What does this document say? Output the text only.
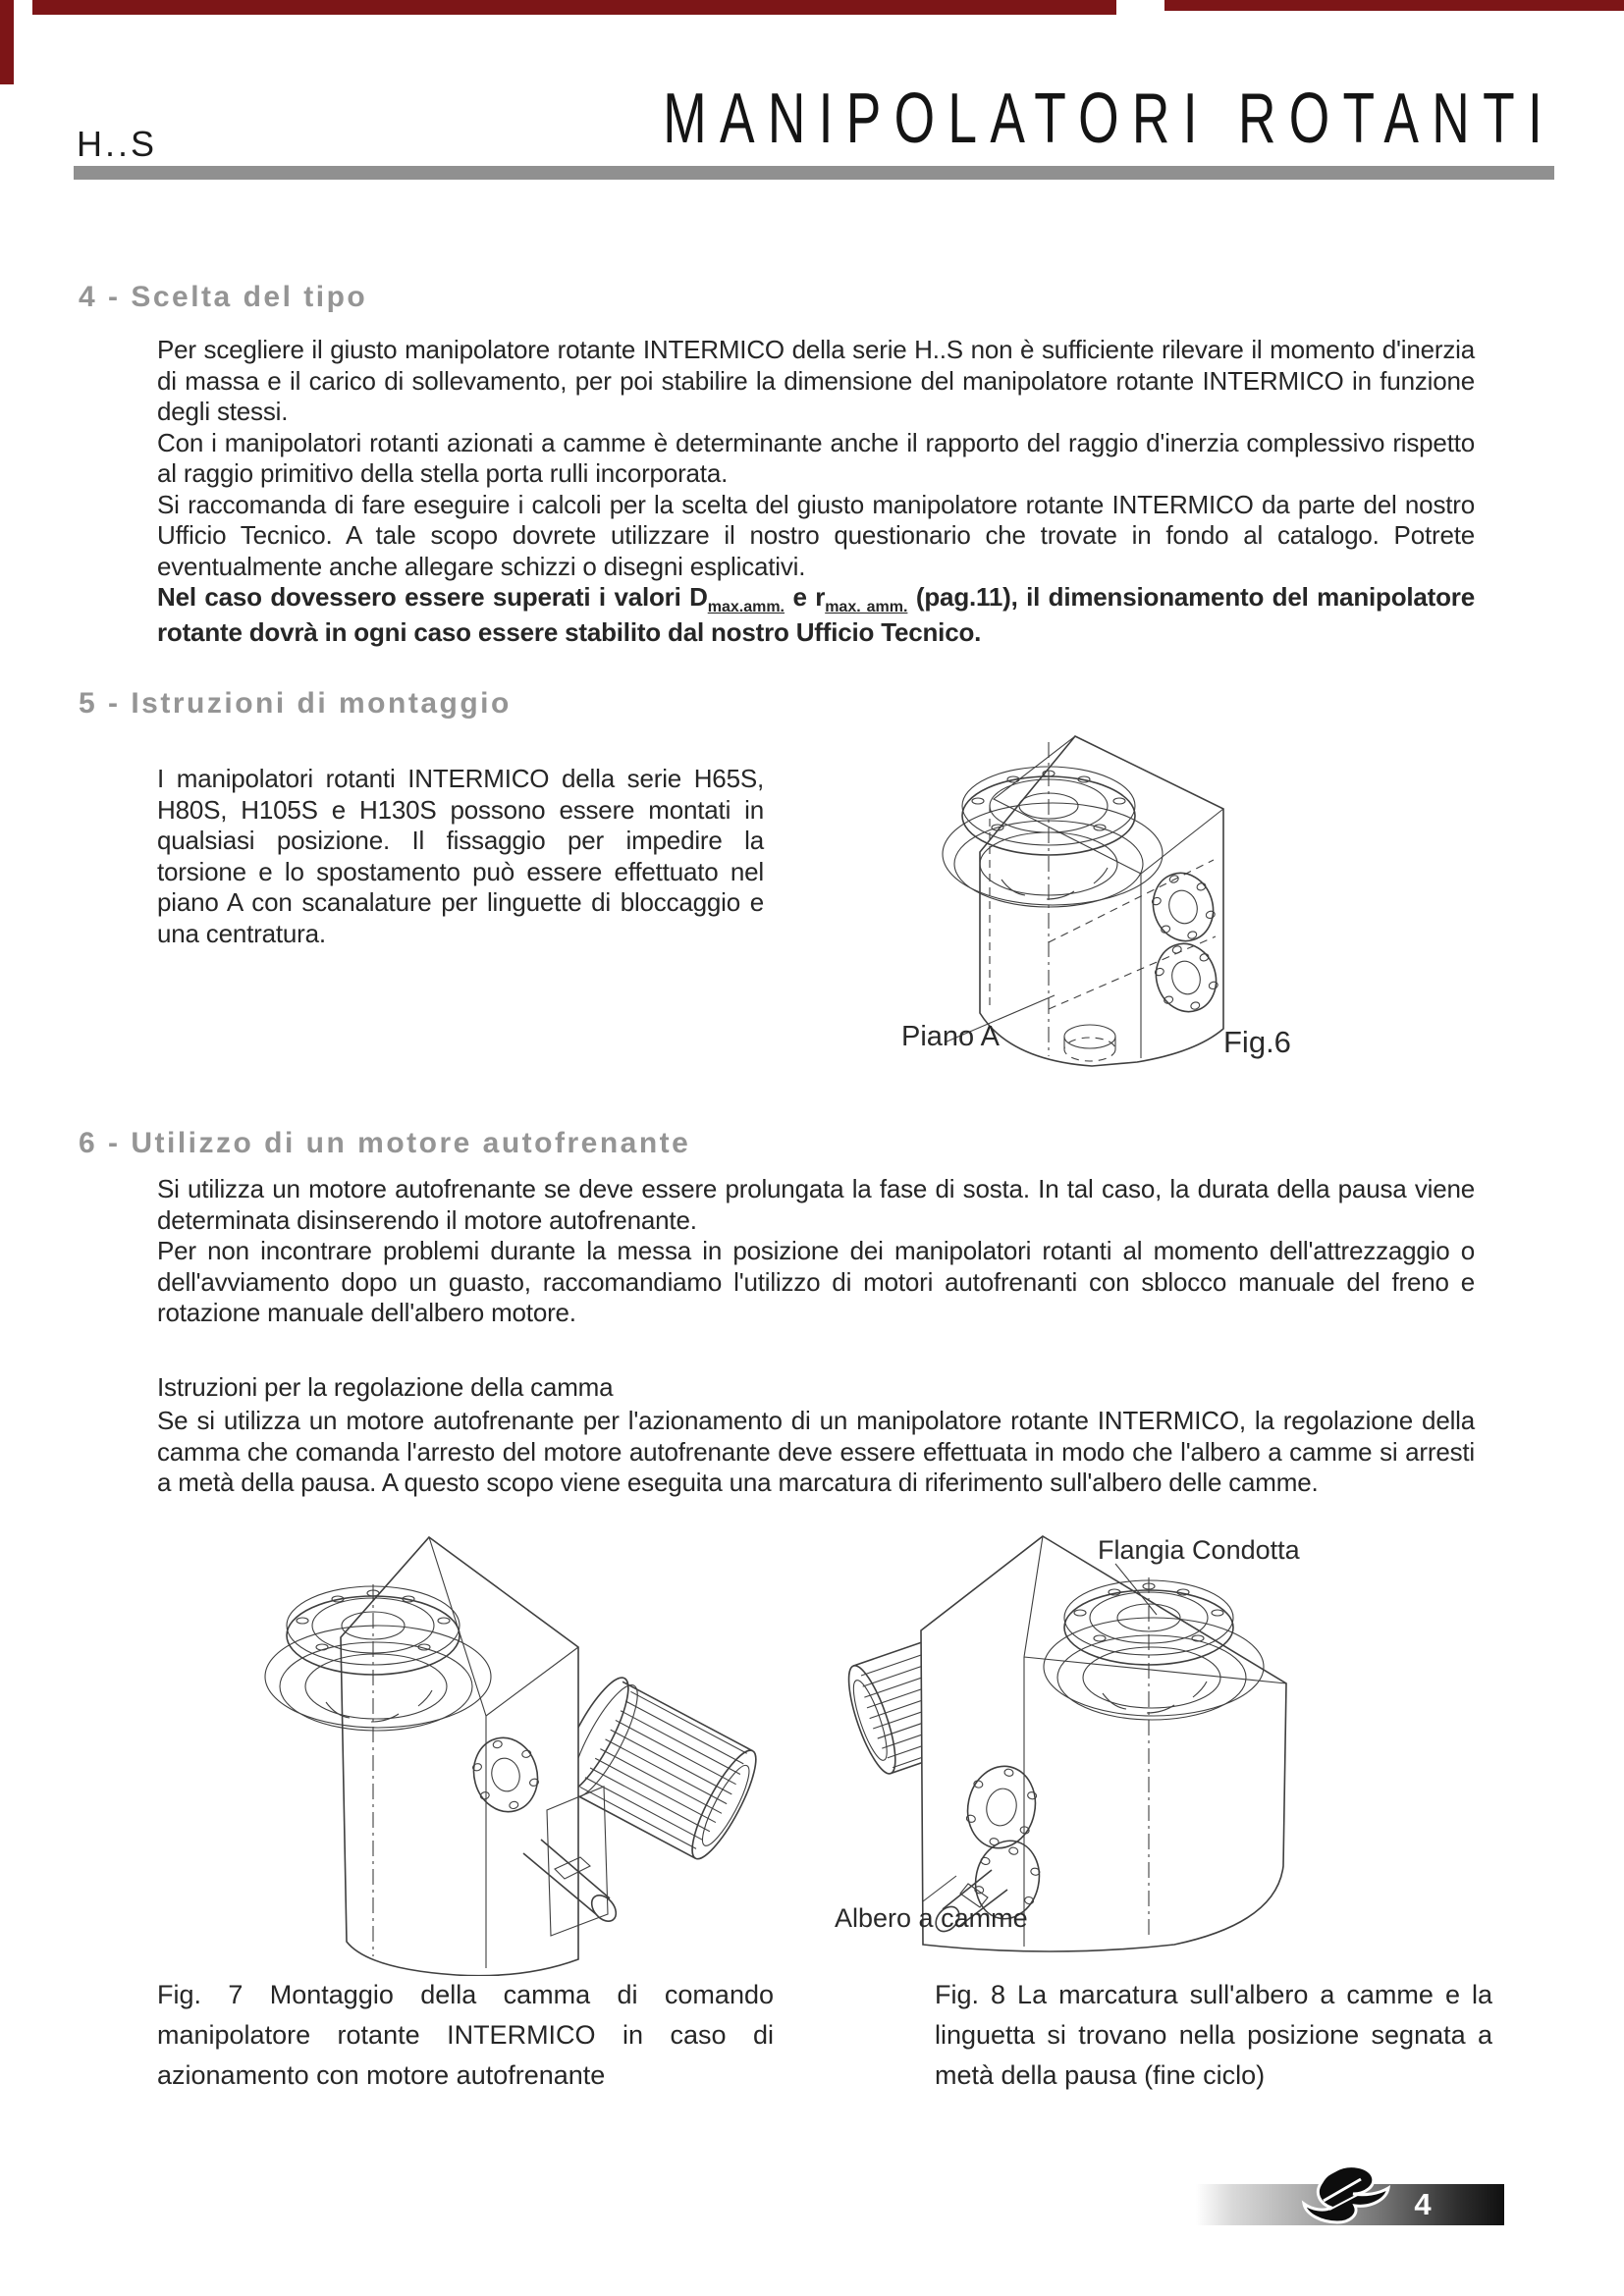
H..S	MANIPOLATORI ROTANTI
4 - Scelta del tipo

Per scegliere il giusto manipolatore rotante INTERMICO della serie H..S non è sufficiente rilevare il momento d'inerzia di massa e il carico di sollevamento, per poi stabilire la dimensione del manipolatore rotante INTERMICO in funzione degli stessi.

Con i manipolatori rotanti azionati a camme è determinante anche il rapporto del raggio d'inerzia complessivo rispetto al raggio primitivo della stella porta rulli incorporata.

Si raccomanda di fare eseguire i calcoli per la scelta del giusto manipolatore rotante INTERMICO da parte del nostro Ufficio Tecnico. A tale scopo dovrete utilizzare il nostro questionario che trovate in fondo al catalogo. Potrete eventualmente anche allegare schizzi o disegni esplicativi.

Nel caso dovessero essere superati i valori $D_{max.amm.}$ e $r_{max. amm.}$ (pag.11), il dimensionamento del manipolatore rotante dovrà in ogni caso essere stabilito dal nostro Ufficio Tecnico.

5 - Istruzioni di montaggio

I manipolatori rotanti INTERMICO della serie H65S, H80S, H105S e H130S possono essere montati in qualsiasi posizione. Il fissaggio per impedire la torsione e lo spostamento può essere effettuato nel piano A con scanalature per linguette di bloccaggio e una centratura.

Piano A	Fig.6
6 - Utilizzo di un motore autofrenante

Si utilizza un motore autofrenante se deve essere prolungata la fase di sosta. In tal caso, la durata della pausa viene determinata disinserendo il motore autofrenante.

Per non incontrare problemi durante la messa in posizione dei manipolatori rotanti al momento dell'attrezzaggio o dell'avviamento dopo un guasto, raccomandiamo l'utilizzo di motori autofrenanti con sblocco manuale del freno e rotazione manuale dell'albero motore.

Istruzioni per la regolazione della camma

Se si utilizza un motore autofrenante per l'azionamento di un manipolatore rotante INTERMICO, la regolazione della camma che comanda l'arresto del motore autofrenante deve essere effettuata in modo che l'albero a camme si arresti a metà della pausa. A questo scopo viene eseguita una marcatura di riferimento sull'albero delle camme.

Flangia Condotta
Albero a camme
Fig. 7 Montaggio della camma di comando manipolatore rotante INTERMICO in caso di azionamento con motore autofrenante
Fig. 8 La marcatura sull'albero a camme e la linguetta si trovano nella posizione segnata a metà della pausa (fine ciclo)
4
